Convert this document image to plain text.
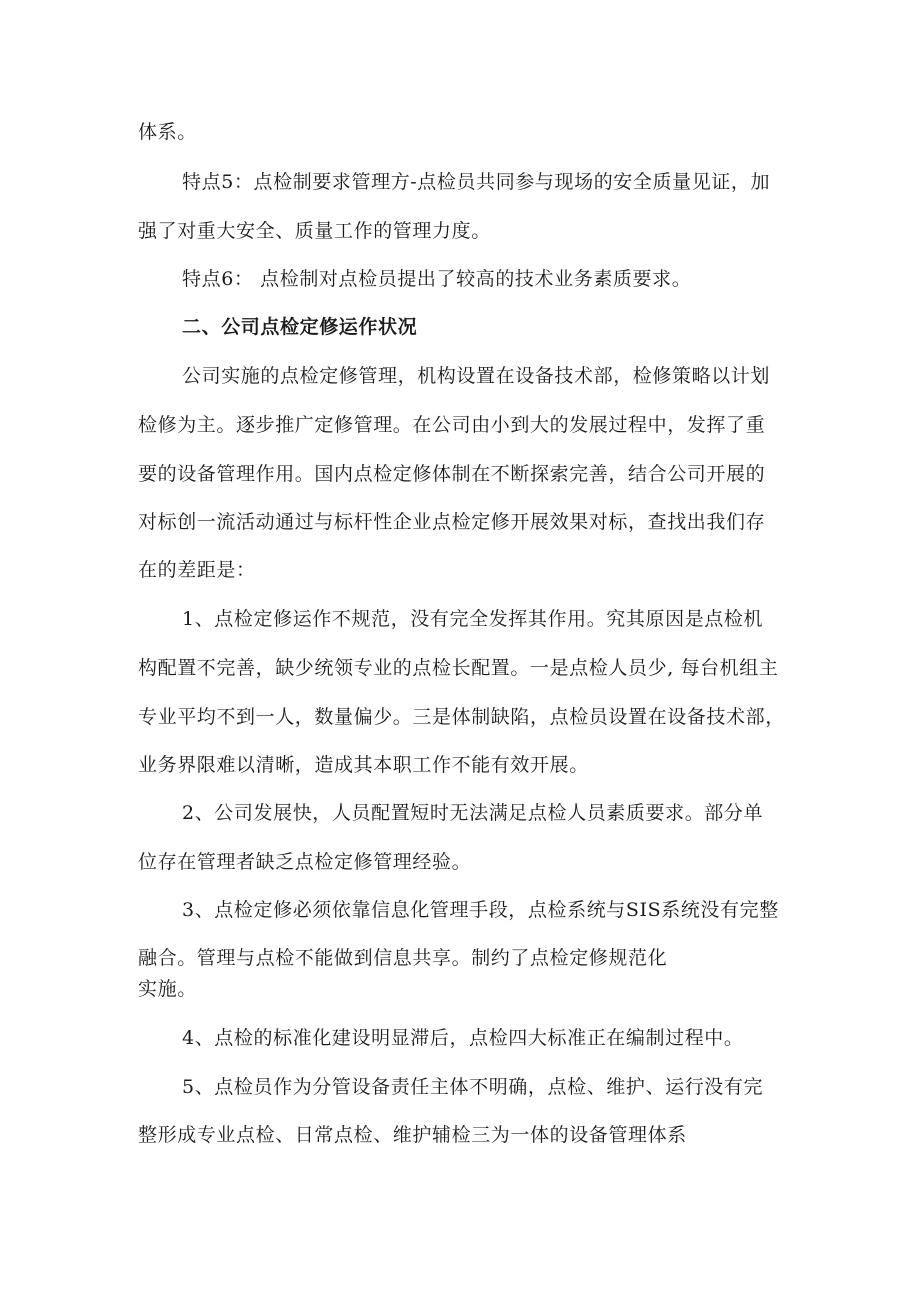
体系。
特点5：点检制要求管理方-点检员共同参与现场的安全质量见证，加
强了对重大安全、质量工作的管理力度。
特点6： 点检制对点检员提出了较高的技术业务素质要求。
二、公司点检定修运作状况
公司实施的点检定修管理，机构设置在设备技术部，检修策略以计划
检修为主。逐步推广定修管理。在公司由小到大的发展过程中，发挥了重
要的设备管理作用。国内点检定修体制在不断探索完善，结合公司开展的
对标创一流活动通过与标杆性企业点检定修开展效果对标，查找出我们存
在的差距是：
1、点检定修运作不规范，没有完全发挥其作用。究其原因是点检机
构配置不完善，缺少统领专业的点检长配置。一是点检人员少, 每台机组主
专业平均不到一人，数量偏少。三是体制缺陷，点检员设置在设备技术部，
业务界限难以清晰，造成其本职工作不能有效开展。
2、公司发展快，人员配置短时无法满足点检人员素质要求。部分单
位存在管理者缺乏点检定修管理经验。
3、点检定修必须依靠信息化管理手段，点检系统与SIS系统没有完整
融合。管理与点检不能做到信息共享。制约了点检定修规范化
实施。
4、点检的标准化建设明显滞后，点检四大标准正在编制过程中。
5、点检员作为分管设备责任主体不明确，点检、维护、运行没有完
整形成专业点检、日常点检、维护辅检三为一体的设备管理体系
